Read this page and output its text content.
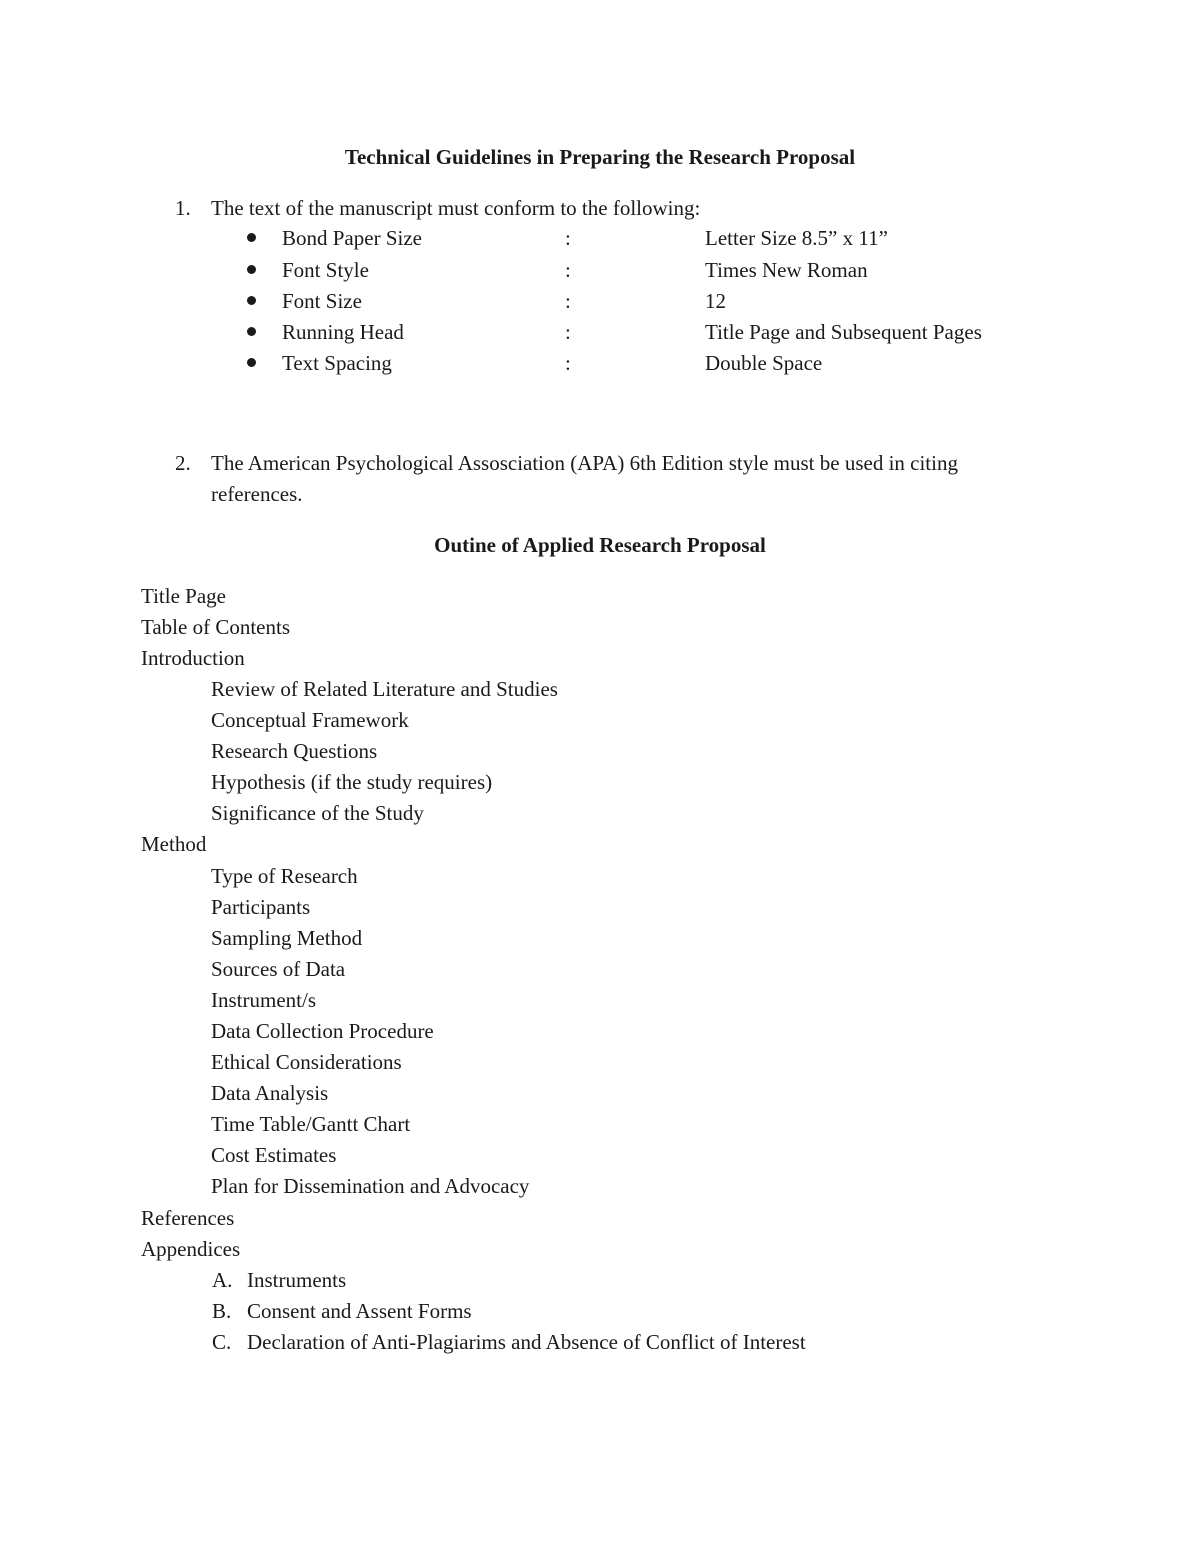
Technical Guidelines in Preparing the Research Proposal
1. The text of the manuscript must conform to the following:
Bond Paper Size	:	Letter Size 8.5” x 11”
Font Style	:	Times New Roman
Font Size	:	12
Running Head	:	Title Page and Subsequent Pages
Text Spacing	:	Double Space
2. The American Psychological Assosciation (APA) 6th Edition style must be used in citing
references.
Outine of Applied Research Proposal
Title Page
Table of Contents
Introduction
Review of Related Literature and Studies
Conceptual Framework
Research Questions
Hypothesis (if the study requires)
Significance of the Study
Method
Type of Research
Participants
Sampling Method
Sources of Data
Instrument/s
Data Collection Procedure
Ethical Considerations
Data Analysis
Time Table/Gantt Chart
Cost Estimates
Plan for Dissemination and Advocacy
References
Appendices
A. Instruments
B. Consent and Assent Forms
C. Declaration of Anti-Plagiarims and Absence of Conflict of Interest
